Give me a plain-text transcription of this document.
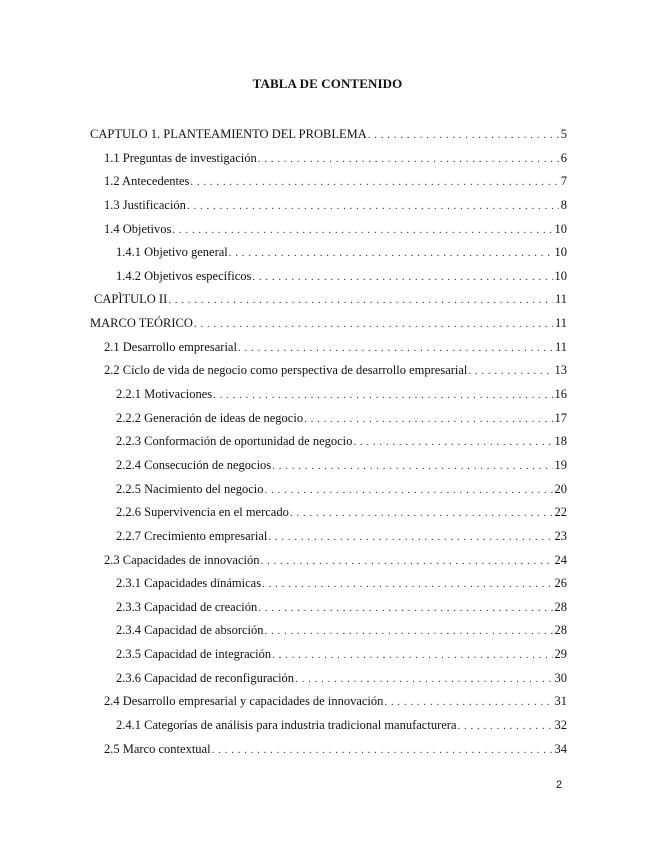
TABLA DE CONTENIDO
CAPTULO 1. PLANTEAMIENTO DEL PROBLEMA . . .	5
1.1 Preguntas de investigación . . .	6
1.2 Antecedentes . . .	7
1.3 Justificación . . .	8
1.4 Objetivos . . .	10
1.4.1 Objetivo general . . .	10
1.4.2 Objetivos específicos . . .	10
CAPÌTULO II . . .	11
MARCO TEÓRICO . . .	11
2.1 Desarrollo empresarial . . .	11
2.2 Ciclo de vida de negocio como perspectiva de desarrollo empresarial . . .	13
2.2.1 Motivaciones . . .	16
2.2.2 Generación de ideas de negocio . . .	17
2.2.3 Conformación de oportunidad de negocio . . .	18
2.2.4 Consecución de negocios . . .	19
2.2.5 Nacimiento del negocio . . .	20
2.2.6 Supervivencia en el mercado . . .	22
2.2.7 Crecimiento empresarial . . .	23
2.3 Capacidades de innovación . . .	24
2.3.1 Capacidades dinámicas . . .	26
2.3.3 Capacidad de creación . . .	28
2.3.4 Capacidad de absorción . . .	28
2.3.5 Capacidad de integración . . .	29
2.3.6 Capacidad de reconfiguración . . .	30
2.4 Desarrollo empresarial y capacidades de innovación . . .	31
2.4.1 Categorías de análisis para industria tradicional manufacturera . . .	32
2.5 Marco contextual . . .	34
2
